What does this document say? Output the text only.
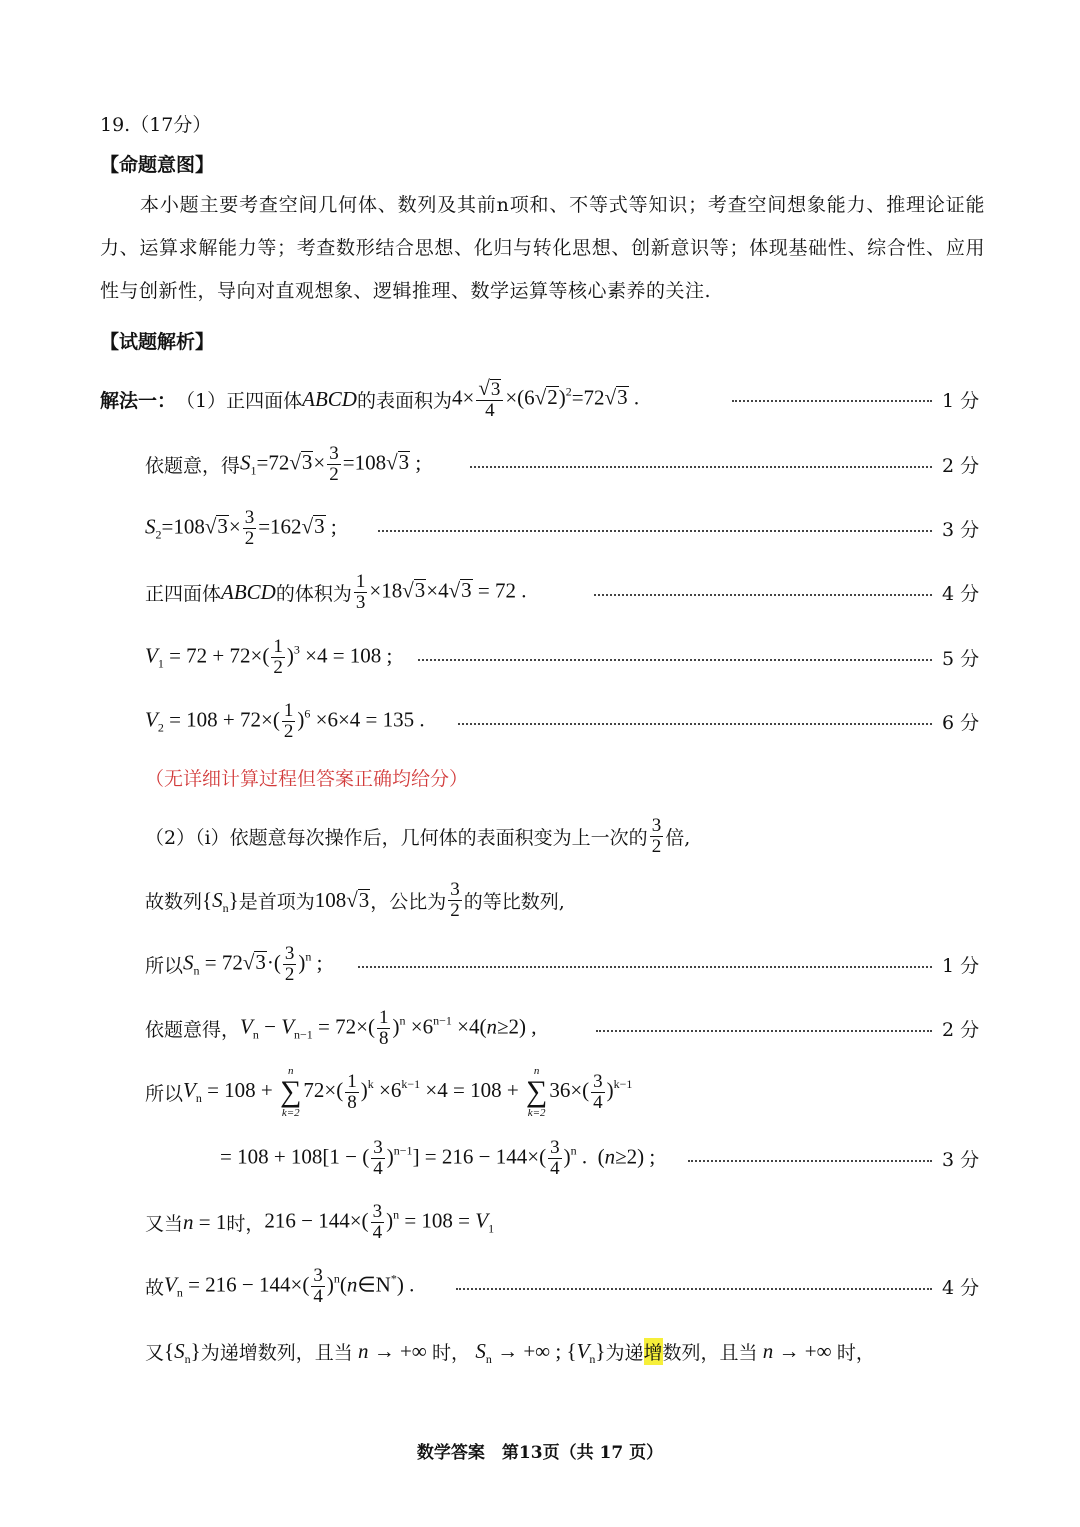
19.（17分）
【命题意图】
本小题主要考查空间几何体、数列及其前n项和、不等式等知识；考查空间想象能力、推理论证能力、运算求解能力等；考查数形结合思想、化归与转化思想、创新意识等；体现基础性、综合性、应用性与创新性，导向对直观想象、逻辑推理、数学运算等核心素养的关注.
【试题解析】
解法一： （1） 正四面体 ABCD 的表面积为 $4\times \frac{√3}{4} \times(6√2)^2=72√3$ .	1 分
依题意，得 $S_1=72√3\times \frac{3}{2} =108√3$ ;	2 分
$S_2=108√3\times \frac{3}{2} =162√3$ ;	3 分
正四面体 ABCD 的体积为 $\frac{1}{3} \times 18√3\times 4√3 = 72$ .	4 分
$V_1 = 72 + 72\times( \frac{1}{2} )^3 \times 4 = 108$ ;	5 分
$V_2 = 108 + 72\times( \frac{1}{2} )^6 \times 6\times 4 = 135$ .	6 分
（无详细计算过程但答案正确均给分）
（2）（i） 依题意每次操作后，几何体的表面积变为上一次的 $\frac{3}{2}$ 倍,
故数列 $\{S_n\}$ 是首项为 108√3 ，公比为 $\frac{3}{2}$ 的等比数列,
所以 $S_n = 72√3\cdot( \frac{3}{2} )^n$ ;	1 分
依题意得， $V_n - V_{n-1} = 72\times( \frac{1}{8} )^n \times 6^{n-1} \times 4(n\ge 2)$ ,	2 分
所以 $V_n = 108$ +
n
∑
k=2
$72\times( \frac{1}{8} )^k \times 6^{k-1} \times 4 = 108$ +
n
∑
k=2
$36\times( \frac{3}{4} )^{k-1}$
= 108 + 108[1 − ( $\frac{3}{4} )^{n-1}] = 216 - 144\times( \frac{3}{4} )^n$ .  (n≥2) ;	3 分
又当 n = 1 时， $216 - 144\times( \frac{3}{4} )^n = 108 = V_1$
故 $V_n = 216 - 144\times( \frac{3}{4}$ )$^n(n\in N^*)$ .	4 分
又 $\{S_n\}$ 为递增数列，且当 n → +∞ 时， $S_n$ → +∞ ; $\{V_n\}$ 为递 增 数列，且当 n → +∞ 时，
数学答案　第13页（共 17 页）
